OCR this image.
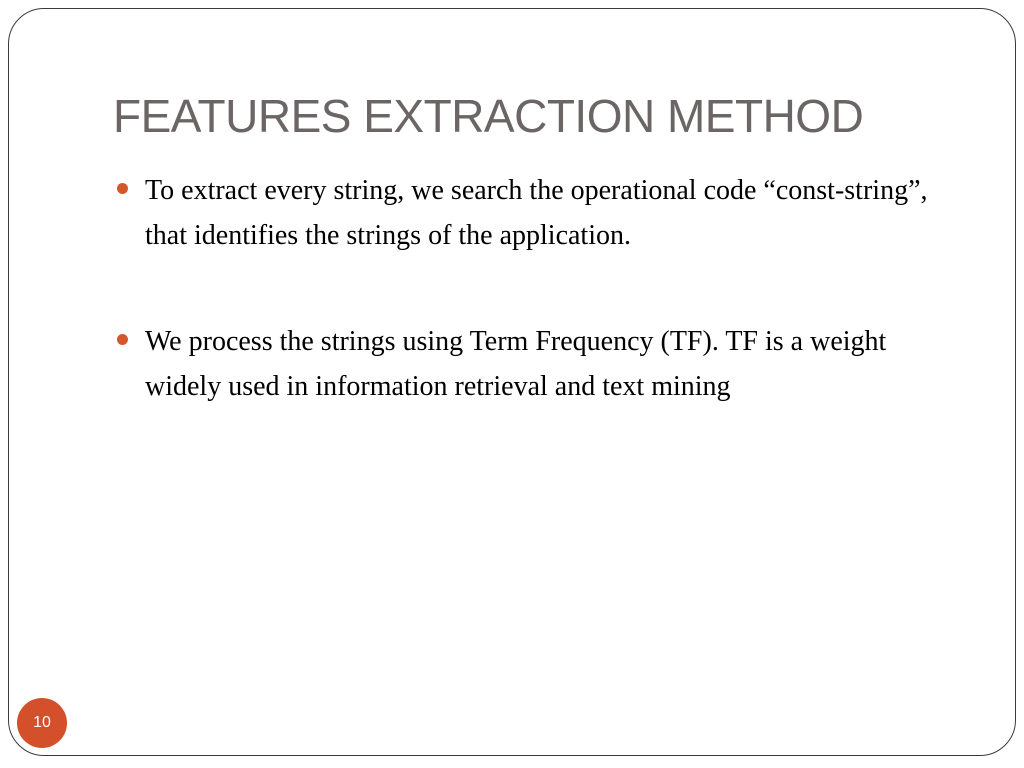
FEATURES EXTRACTION METHOD
To extract every string, we search the operational code “const-string”, that identifies the strings of the application.
We process the strings using Term Frequency (TF). TF is a weight widely used in information retrieval and text mining
10
